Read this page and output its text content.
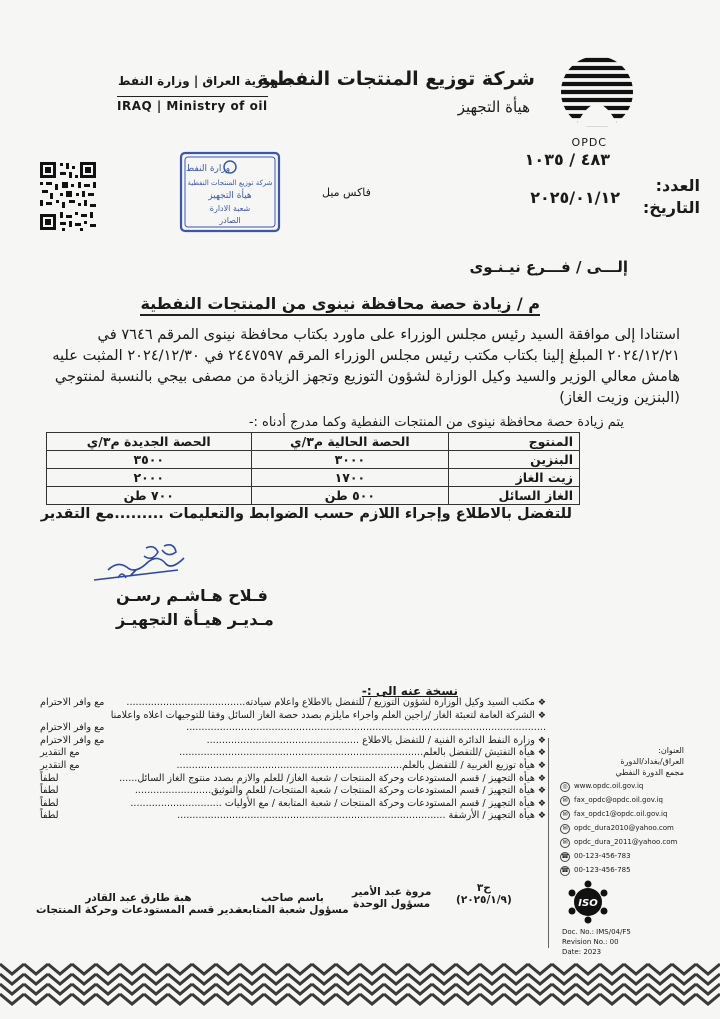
شركة توزيع المنتجات النفطية
هيأة التجهيز
OPDC
جمهورية العراق | وزارة النفط
IRAQ | Ministry of oil
وزارة النفط
شركة توزيع المنتجات النفطية
هيأة التجهيز
شعبة الادارة
الصادر
فاكس ميل	العدد:
التاريخ:
٤٨٣ / ١٠٣٥
٢٠٢٥/٠١/١٢
إلـــى / فـــرع نيـنـوى
م / زيادة حصة محافظة نينوى من المنتجات النفطية
استنادا إلى موافقة السيد رئيس مجلس الوزراء على ماورد بكتاب محافظة نينوى المرقم ٧٦٤٦ في ٢٠٢٤/١٢/٢١ المبلغ إلينا بكتاب مكتب رئيس مجلس الوزراء المرقم ٢٤٤٧٥٩٧ في ٢٠٢٤/١٢/٣٠ المثبت عليه هامش معالي الوزير والسيد وكيل الوزارة لشؤون التوزيع وتجهز الزيادة من مصفى بيجي بالنسبة لمنتوجي (البنزين وزيت الغاز)
يتم زيادة حصة محافظة نينوى من المنتجات النفطية وكما مدرج أدناه :-
المنتوج	الحصة الحالية م٣/ي	الحصة الجديدة م٣/ي
البنزين	٣٠٠٠	٣٥٠٠
زيت الغاز	١٧٠٠	٢٠٠٠
الغاز السائل	٥٠٠ طن	٧٠٠ طن
للتفضل بالاطلاع وإجراء اللازم حسب الضوابط والتعليمات .........مع التقدير
فـلاح هـاشـم رسـن
مـديـر هيـأة التجهيـز
نسخة عنه الى :-
❖مكتب السيد وكيل الوزارة لشؤون التوزيع / للتفضل بالاطلاع واعلام سيادته.......................................
مع وافر الاحترام
❖الشركة العامة لتعبئة الغاز /راجين العلم واجراء مايلزم بصدد حصة الغاز السائل وفقا للتوجيهات اعلاه واعلامنا
......................................................................................................................
مع وافر الاحترام
❖وزارة النفط الدائرة الفنية / للتفضل بالاطلاع ..................................................
مع وافر الاحترام
❖هيأة التفتيش /للتفضل بالعلم................................................................................
مع التقدير
❖هيأة توزيع الغربية / للتفضل بالعلم..........................................................................
مع التقدير
❖هيأة التجهيز / قسم المستودعات وحركة المنتجات / شعبة الغاز/ للعلم والازم بصدد منتوج الغاز السائل......
لطفاً
❖هيأة التجهيز / قسم المستودعات وحركة المنتجات / شعبة المنتجات/ للعلم والتوثيق.........................
لطفاً
❖هيأة التجهيز / قسم المستودعات وحركة المنتجات / شعبة المتابعة / مع الأوليات ..............................
لطفاً
❖هيأة التجهيز / الأرشفة ........................................................................................
لطفاً
ح٣
(٢٠٢٥/١/٩)
مروة عبد الأمير
مسؤول الوحدة
باسم صاحب
مسؤول شعبة المتابعة
هبة طارق عبد القادر
مدير قسم المستودعات وحركة المنتجات
العنوان:
العراق/بغداد/الدورة
مجمع الدورة النفطي
◎ www.opdc.oil.gov.iq
✉ fax_opdc@opdc.oil.gov.iq
✉ fax_opdc1@opdc.oil.gov.iq
✉ opdc_dura2010@yahoo.com
✉ opdc_dura_2011@yahoo.com
☎ 00-123-456-783
☎ 00-123-456-785
ISO
Doc. No.: IMS/04/F5
Revision No.: 00
Date: 2023
